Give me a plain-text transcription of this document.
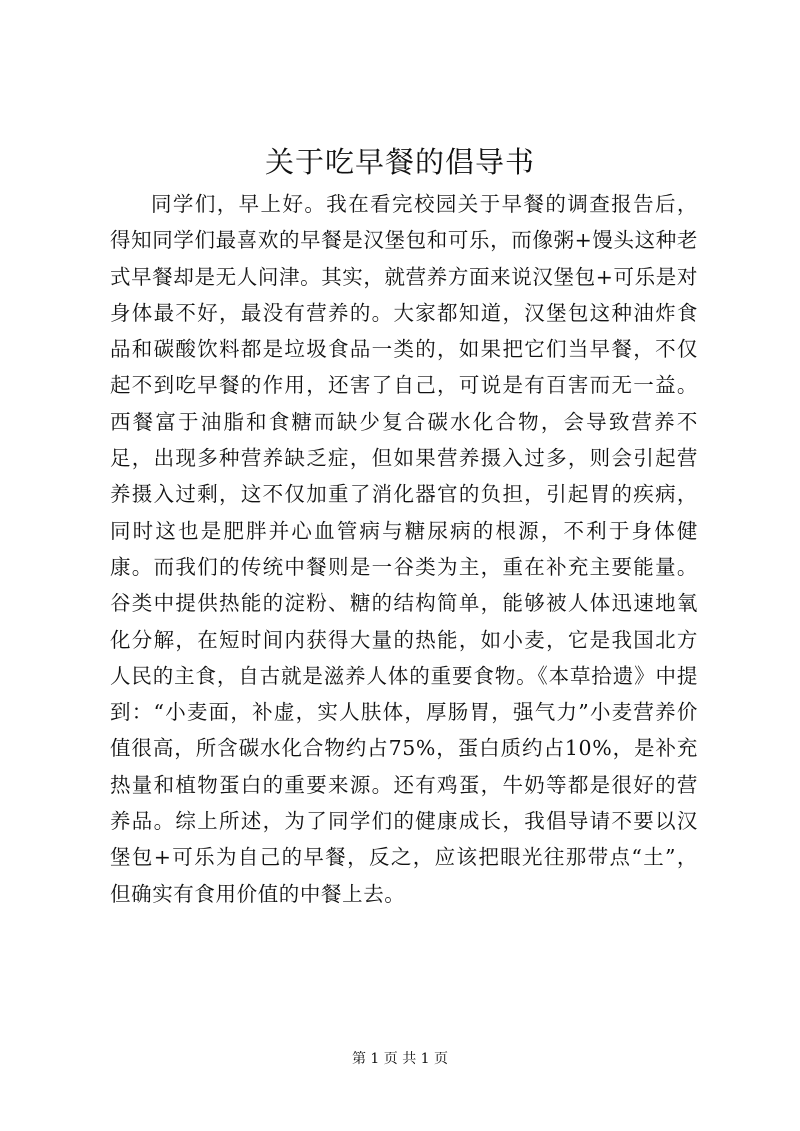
关于吃早餐的倡导书

同学们，早上好。我在看完校园关于早餐的调查报告后，得知同学们最喜欢的早餐是汉堡包和可乐，而像粥+馒头这种老式早餐却是无人问津。其实，就营养方面来说汉堡包+可乐是对身体最不好，最没有营养的。大家都知道，汉堡包这种油炸食品和碳酸饮料都是垃圾食品一类的，如果把它们当早餐，不仅起不到吃早餐的作用，还害了自己，可说是有百害而无一益。西餐富于油脂和食糖而缺少复合碳水化合物，会导致营养不足，出现多种营养缺乏症，但如果营养摄入过多，则会引起营养摄入过剩，这不仅加重了消化器官的负担，引起胃的疾病，同时这也是肥胖并心血管病与糖尿病的根源，不利于身体健康。而我们的传统中餐则是一谷类为主，重在补充主要能量。谷类中提供热能的淀粉、糖的结构简单，能够被人体迅速地氧化分解，在短时间内获得大量的热能，如小麦，它是我国北方人民的主食，自古就是滋养人体的重要食物。《本草拾遗》中提到：“小麦面，补虚，实人肤体，厚肠胃，强气力”小麦营养价值很高，所含碳水化合物约占75%，蛋白质约占10%，是补充热量和植物蛋白的重要来源。还有鸡蛋，牛奶等都是很好的营养品。综上所述，为了同学们的健康成长，我倡导请不要以汉堡包+可乐为自己的早餐，反之，应该把眼光往那带点“土”，但确实有食用价值的中餐上去。

第 1 页 共 1 页
